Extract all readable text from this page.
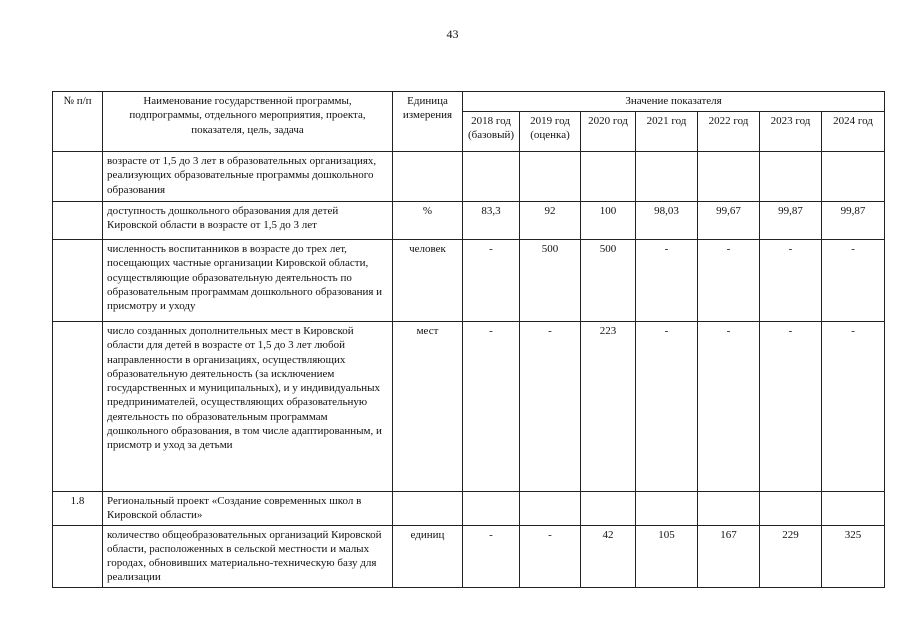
43
№ п/п	Наименование государственной программы, подпрограммы, отдельного мероприятия, проекта, показателя, цель, задача	Единица измерения	Значение показателя						
			2018 год (базовый)	2019 год (оценка)	2020 год	2021 год	2022 год	2023 год	2024 год
	возрасте от 1,5 до 3 лет в образовательных организациях, реализующих образовательные программы дошкольного образования								
	доступность дошкольного образования для детей Кировской области в возрасте от 1,5 до 3 лет	%	83,3	92	100	98,03	99,67	99,87	99,87
	численность воспитанников в возрасте до трех лет, посещающих частные организации Кировской области, осуществляющие образовательную деятельность по образовательным программам дошкольного образования и присмотру и уходу	человек	-	500	500	-	-	-	-
	число созданных дополнительных мест в Кировской области для детей в возрасте от 1,5 до 3 лет любой направленности в организациях, осуществляющих образовательную деятельность (за исключением государственных и муниципальных), и у индивидуальных предпринимателей, осуществляющих образовательную деятельность по образовательным программам дошкольного образования, в том числе адаптированным, и присмотр и уход за детьми	мест	-	-	223	-	-	-	-
1.8	Региональный проект «Создание современных школ в Кировской области»								
	количество общеобразовательных организаций Кировской области, расположенных в сельской местности и малых городах, обновивших материально-техническую базу для реализации	единиц	-	-	42	105	167	229	325
